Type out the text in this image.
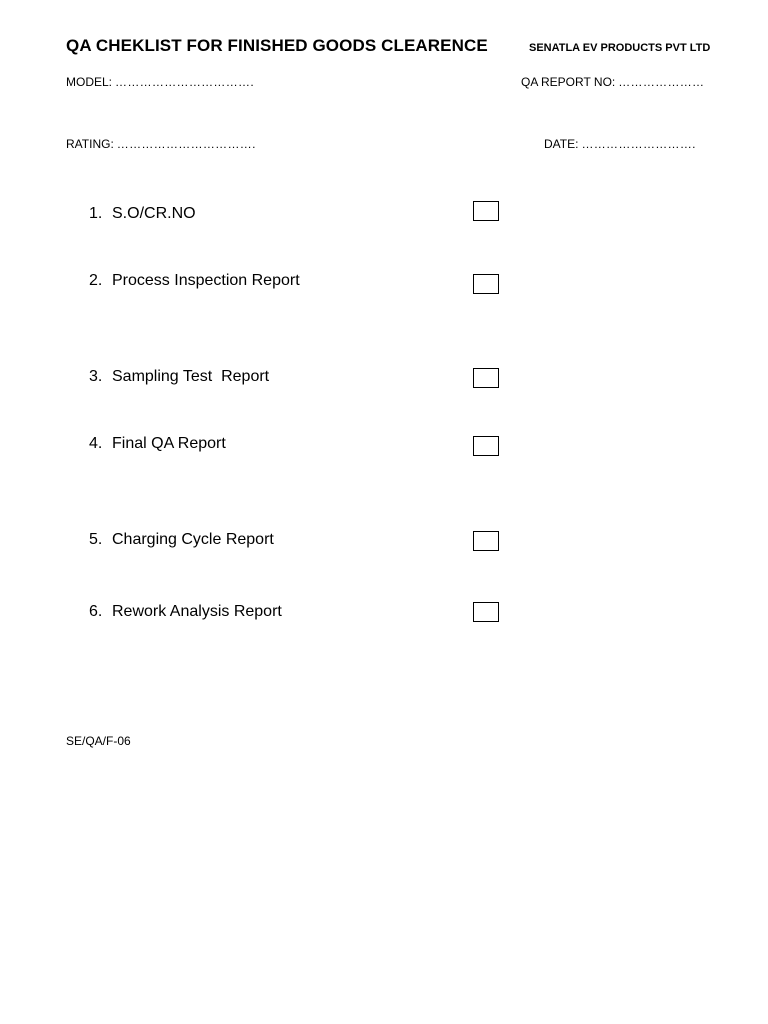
QA CHEKLIST FOR FINISHED GOODS CLEARENCE	SENATLA EV PRODUCTS PVT LTD
MODEL: …………………………….	QA REPORT NO: …………………
RATING: …………………………….	DATE: ……………………….
1. S.O/CR.NO
2. Process Inspection Report
3. Sampling Test  Report
4. Final QA Report
5. Charging Cycle Report
6. Rework Analysis Report
SE/QA/F-06
